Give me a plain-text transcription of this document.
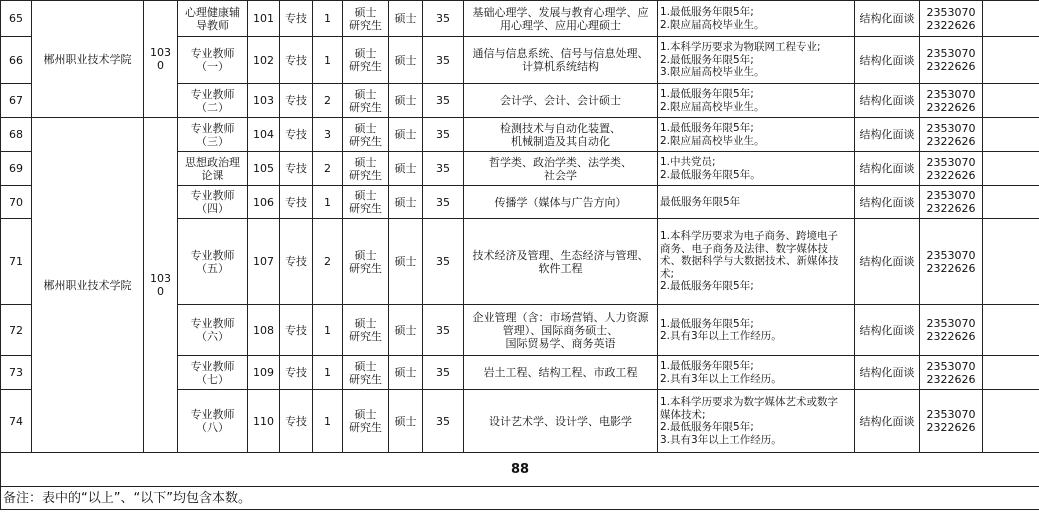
65	郴州职业技术学院	1030	心理健康辅
导教师	101	专技	1	硕士
研究生	硕士	35	基础心理学、发展与教育心理学、应
用心理学、应用心理硕士	1.最低服务年限5年;
2.限应届高校毕业生。	结构化面谈	2353070
2322626	

66			专业教师
（一）	102	专技	1	硕士
研究生	硕士	35	通信与信息系统、信号与信息处理、
计算机系统结构	1.本科学历要求为物联网工程专业;
2.最低服务年限5年;
3.限应届高校毕业生。	结构化面谈	2353070
2322626	

67			专业教师
（二）	103	专技	2	硕士
研究生	硕士	35	会计学、会计、会计硕士	1.最低服务年限5年;
2.限应届高校毕业生。	结构化面谈	2353070
2322626	

68	郴州职业技术学院	1030	专业教师
（三）	104	专技	3	硕士
研究生	硕士	35	检测技术与自动化装置、
机械制造及其自动化	1.最低服务年限5年;
2.限应届高校毕业生。	结构化面谈	2353070
2322626	

69			思想政治理
论课	105	专技	2	硕士
研究生	硕士	35	哲学类、政治学类、法学类、
社会学	1.中共党员;
2.最低服务年限5年。	结构化面谈	2353070
2322626	

70			专业教师
（四）	106	专技	1	硕士
研究生	硕士	35	传播学（媒体与广告方向）	最低服务年限5年	结构化面谈	2353070
2322626	

71			专业教师
（五）	107	专技	2	硕士
研究生	硕士	35	技术经济及管理、生态经济与管理、
软件工程	1.本科学历要求为电子商务、跨境电子
商务、电子商务及法律、数字媒体技
术、数据科学与大数据技术、新媒体技
术;
2.最低服务年限5年;	结构化面谈	2353070
2322626	

72			专业教师
（六）	108	专技	1	硕士
研究生	硕士	35	企业管理（含：市场营销、人力资源
管理）、国际商务硕士、
国际贸易学、商务英语	1.最低服务年限5年;
2.具有3年以上工作经历。	结构化面谈	2353070
2322626	

73			专业教师
（七）	109	专技	1	硕士
研究生	硕士	35	岩土工程、结构工程、市政工程	1.最低服务年限5年;
2.具有3年以上工作经历。	结构化面谈	2353070
2322626	

74			专业教师
（八）	110	专技	1	硕士
研究生	硕士	35	设计艺术学、设计学、电影学	1.本科学历要求为数字媒体艺术或数字
媒体技术;
2.最低服务年限5年;
3.具有3年以上工作经历。	结构化面谈	2353070
2322626	

88														
备注：表中的“以上”、“以下”均包含本数。														
